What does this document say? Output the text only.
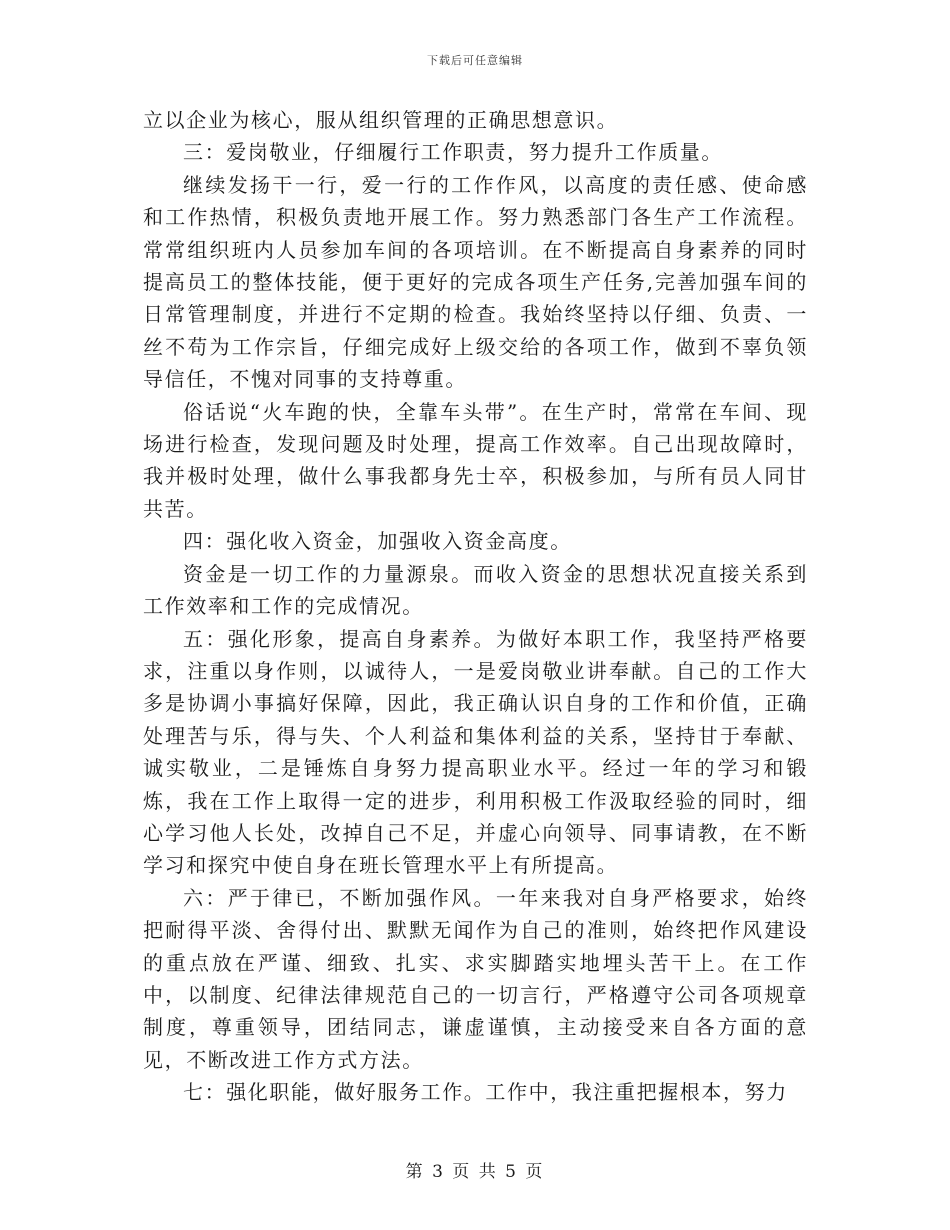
下载后可任意编辑

立以企业为核心，服从组织管理的正确思想意识。

三：爱岗敬业，仔细履行工作职责，努力提升工作质量。

继续发扬干一行，爱一行的工作作风，以高度的责任感、使命感和工作热情，积极负责地开展工作。努力熟悉部门各生产工作流程。常常组织班内人员参加车间的各项培训。在不断提高自身素养的同时提高员工的整体技能，便于更好的完成各项生产任务,完善加强车间的日常管理制度，并进行不定期的检查。我始终坚持以仔细、负责、一丝不苟为工作宗旨，仔细完成好上级交给的各项工作，做到不辜负领导信任，不愧对同事的支持尊重。

俗话说“火车跑的快，全靠车头带”。在生产时，常常在车间、现场进行检查，发现问题及时处理，提高工作效率。自己出现故障时，我并极时处理，做什么事我都身先士卒，积极参加，与所有员人同甘共苦。

四：强化收入资金，加强收入资金高度。

资金是一切工作的力量源泉。而收入资金的思想状况直接关系到工作效率和工作的完成情况。

五：强化形象，提高自身素养。为做好本职工作，我坚持严格要求，注重以身作则，以诚待人，一是爱岗敬业讲奉献。自己的工作大多是协调小事搞好保障，因此，我正确认识自身的工作和价值，正确处理苦与乐，得与失、个人利益和集体利益的关系，坚持甘于奉献、诚实敬业，二是锤炼自身努力提高职业水平。经过一年的学习和锻炼，我在工作上取得一定的进步，利用积极工作汲取经验的同时，细心学习他人长处，改掉自己不足，并虚心向领导、同事请教，在不断学习和探究中使自身在班长管理水平上有所提高。

六：严于律已，不断加强作风。一年来我对自身严格要求，始终把耐得平淡、舍得付出、默默无闻作为自己的准则，始终把作风建设的重点放在严谨、细致、扎实、求实脚踏实地埋头苦干上。在工作中，以制度、纪律法律规范自己的一切言行，严格遵守公司各项规章制度，尊重领导，团结同志，谦虚谨慎，主动接受来自各方面的意见，不断改进工作方式方法。

七：强化职能，做好服务工作。工作中，我注重把握根本，努力

第 3 页 共 5 页
